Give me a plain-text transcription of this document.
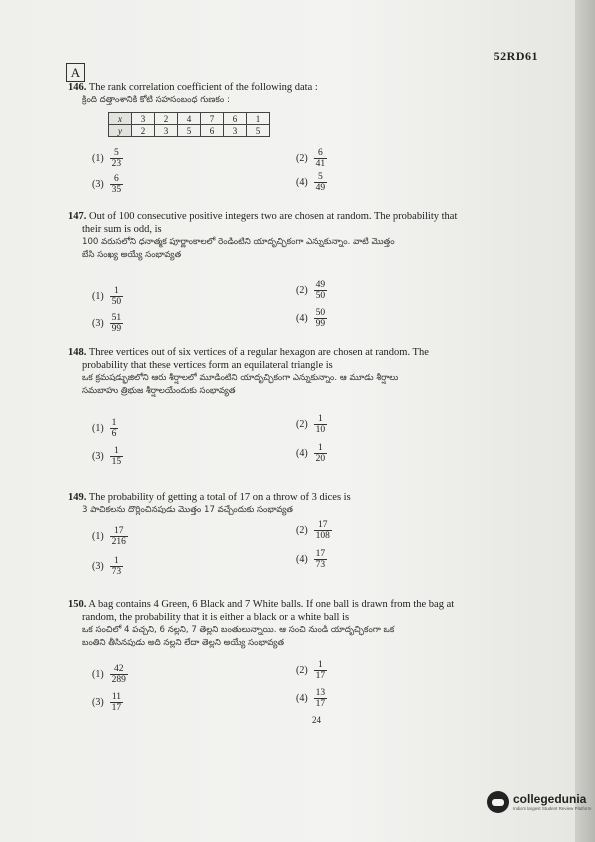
52RD61
A
146. The rank correlation coefficient of the following data :
క్రింది దత్తాంశానికి కోటి సహసంబంధ గుణకం :
x	3	2	4	7	6	1
y	2	3	5	6	3	5
$(1) \frac{5}{23}$	$(2) \frac{6}{41}$
$(3) \frac{6}{35}$	$(4) \frac{5}{49}$
147. Out of 100 consecutive positive integers two are chosen at random. The probability that
their sum is odd, is
100 వరుసలోని ధనాత్మక పూర్ణాంకాలలో రెండింటిని యాదృచ్ఛికంగా ఎన్నుకున్నాం. వాటి మొత్తం
బేసి సంఖ్య అయ్యే సంభావ్యత
$(1) \frac{1}{50}$	$(2) \frac{49}{50}$
$(3) \frac{51}{99}$	$(4) \frac{50}{99}$
148. Three vertices out of six vertices of a regular hexagon are chosen at random. The
probability that these vertices form an equilateral triangle is
ఒక క్రమషడ్భుజిలోని ఆరు శీర్షాలలో మూడింటిని యాదృచ్ఛికంగా ఎన్నుకున్నాం. ఆ మూడు శీర్షాలు
సమబాహు త్రిభుజ శీర్షాలయేందుకు సంభావ్యత
$(1) \frac{1}{6}$	$(2) \frac{1}{10}$
$(3) \frac{1}{15}$	$(4) \frac{1}{20}$
149. The probability of getting a total of 17 on a throw of 3 dices is
3 పాచికలను దొర్లించినపుడు మొత్తం 17 వచ్చేందుకు సంభావ్యత
$(1) \frac{17}{216}$	$(2) \frac{17}{108}$
$(3) \frac{1}{73}$	$(4) \frac{17}{73}$
150. A bag contains 4 Green, 6 Black and 7 White balls. If one ball is drawn from the bag at
random, the probability that it is either a black or a white ball is
ఒక సంచిలో 4 పచ్చని, 6 నల్లని, 7 తెల్లని బంతులున్నాయి. ఆ సంచి నుండి యాదృచ్ఛికంగా ఒక
బంతిని తీసినపుడు అది నల్లని లేదా తెల్లని అయ్యే సంభావ్యత
$(1) \frac{42}{289}$	$(2) \frac{1}{17}$
$(3) \frac{11}{17}$	$(4) \frac{13}{17}$
24
collegedunia
India's largest Student Review Platform
